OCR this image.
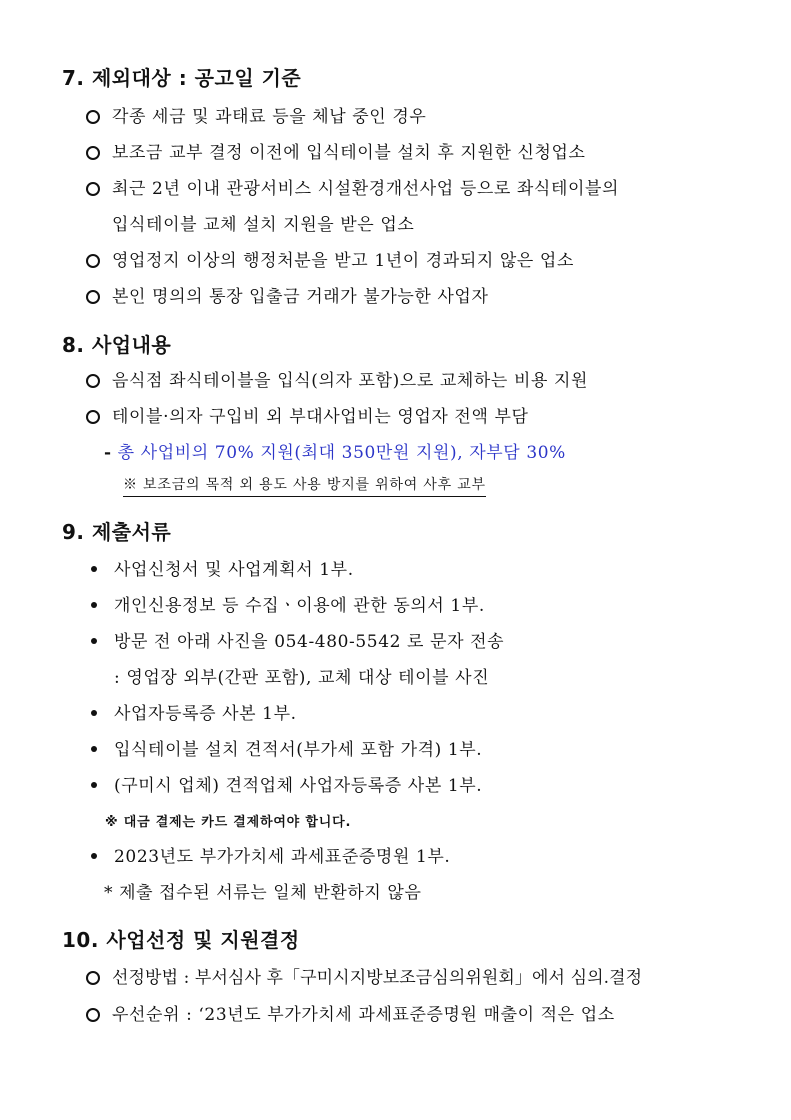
7. 제외대상 : 공고일 기준
각종 세금 및 과태료 등을 체납 중인 경우
보조금 교부 결정 이전에 입식테이블 설치 후 지원한 신청업소
최근 2년 이내 관광서비스 시설환경개선사업 등으로 좌식테이블의
입식테이블 교체 설치 지원을 받은 업소
영업정지 이상의 행정처분을 받고 1년이 경과되지 않은 업소
본인 명의의 통장 입출금 거래가 불가능한 사업자
8. 사업내용
음식점 좌식테이블을 입식(의자 포함)으로 교체하는 비용 지원
테이블·의자 구입비 외 부대사업비는 영업자 전액 부담
- 총 사업비의 70% 지원(최대 350만원 지원), 자부담 30%
※ 보조금의 목적 외 용도 사용 방지를 위하여 사후 교부
9. 제출서류
사업신청서 및 사업계획서 1부.
개인신용정보 등 수집ㆍ이용에 관한 동의서 1부.
방문 전 아래 사진을 054-480-5542 로 문자 전송
: 영업장 외부(간판 포함), 교체 대상 테이블 사진
사업자등록증 사본 1부.
입식테이블 설치 견적서(부가세 포함 가격) 1부.
(구미시 업체) 견적업체 사업자등록증 사본 1부.
※ 대금 결제는 카드 결제하여야 합니다.
2023년도 부가가치세 과세표준증명원 1부.
* 제출 접수된 서류는 일체 반환하지 않음
10. 사업선정 및 지원결정
선정방법 : 부서심사 후「구미시지방보조금심의위원회」에서 심의.결정
우선순위 : ‘23년도 부가가치세 과세표준증명원 매출이 적은 업소
